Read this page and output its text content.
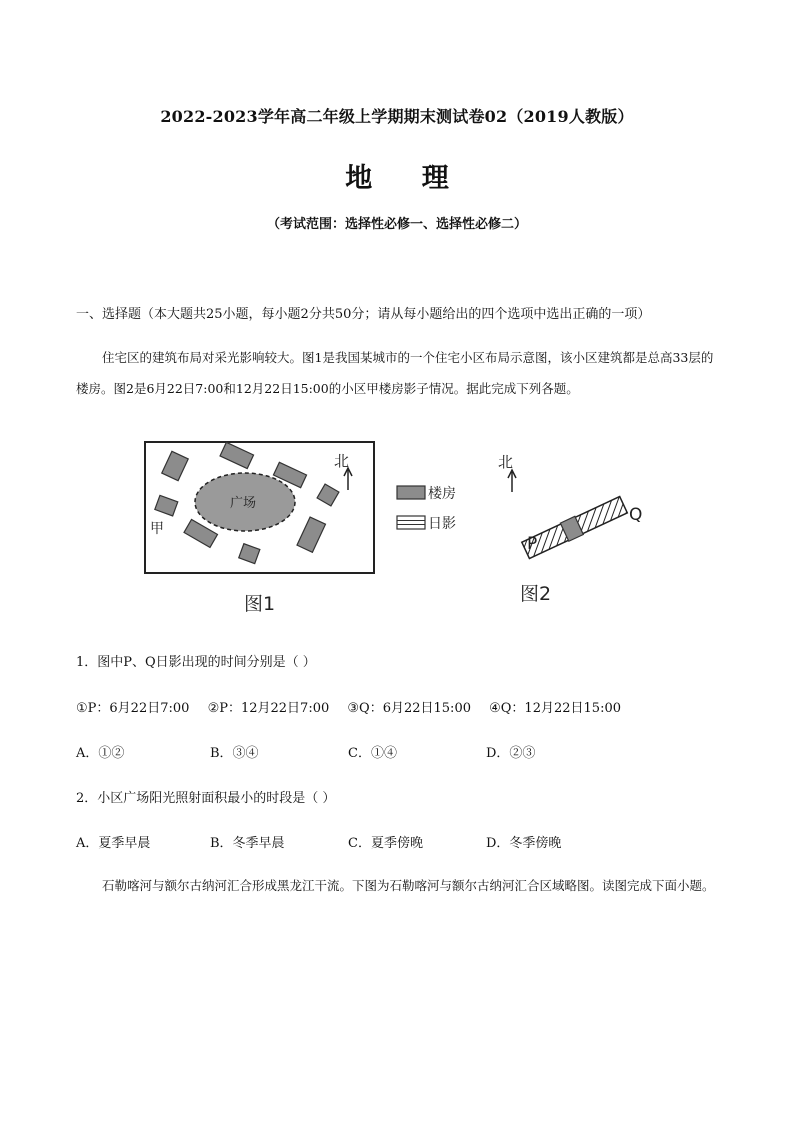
2022-2023学年高二年级上学期期末测试卷02（2019人教版）
地 理
（考试范围：选择性必修一、选择性必修二）
一、选择题（本大题共25小题，每小题2分共50分；请从每小题给出的四个选项中选出正确的一项）
住宅区的建筑布局对采光影响较大。图1是我国某城市的一个住宅小区布局示意图，该小区建筑都是总高33层的楼房。图2是6月22日7:00和12月22日15:00的小区甲楼房影子情况。据此完成下列各题。
广场
甲
北
图1
楼房
日影
北
P
Q
图2
1．图中P、Q日影出现的时间分别是（ ）
①P：6月22日7:00 ②P：12月22日7:00 ③Q：6月22日15:00 ④Q：12月22日15:00
A．①②	B．③④	C．①④	D．②③
2．小区广场阳光照射面积最小的时段是（ ）
A．夏季早晨	B．冬季早晨	C．夏季傍晚	D．冬季傍晚
石勒喀河与额尔古纳河汇合形成黑龙江干流。下图为石勒喀河与额尔古纳河汇合区域略图。读图完成下面小题。
